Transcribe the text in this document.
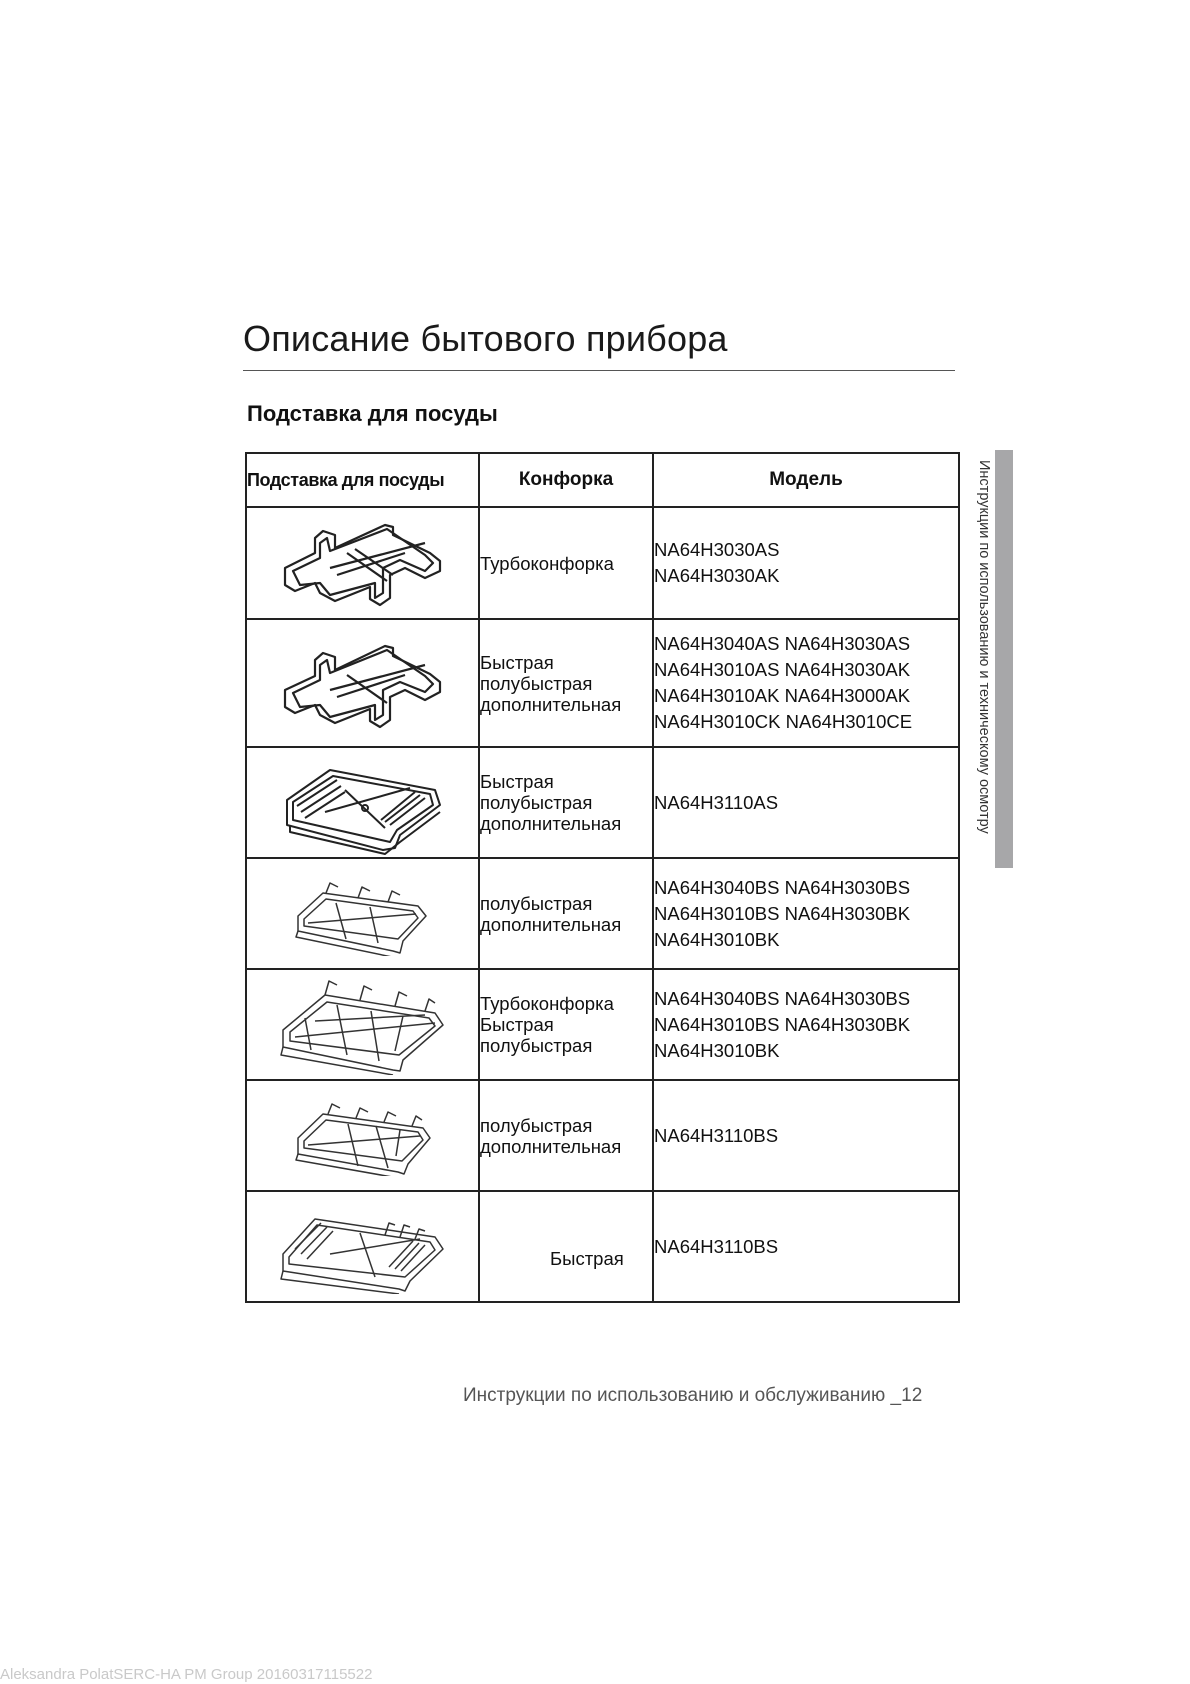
Описание бытового прибора
Подставка для посуды
Инструкции по использованию и техническому осмотру
Подставка для посуды	Конфорка	Модель

	Турбоконфорка	NA64H3030AS
NA64H3030AK

	Быстрая
полубыстрая
дополнительная	NA64H3040AS NA64H3030AS
NA64H3010AS NA64H3030AK
NA64H3010AK NA64H3000AK
NA64H3010CK NA64H3010CE

	Быстрая
полубыстрая
дополнительная	NA64H3110AS

	полубыстрая
дополнительная	NA64H3040BS NA64H3030BS
NA64H3010BS NA64H3030BK
NA64H3010BK

	Турбоконфорка
Быстрая
полубыстрая	NA64H3040BS NA64H3030BS
NA64H3010BS NA64H3030BK
NA64H3010BK

	полубыстрая
дополнительная	NA64H3110BS

	Быстрая	NA64H3110BS
Инструкции по использованию и обслуживанию _12
Aleksandra PolatSERC-HA PM Group 20160317115522
